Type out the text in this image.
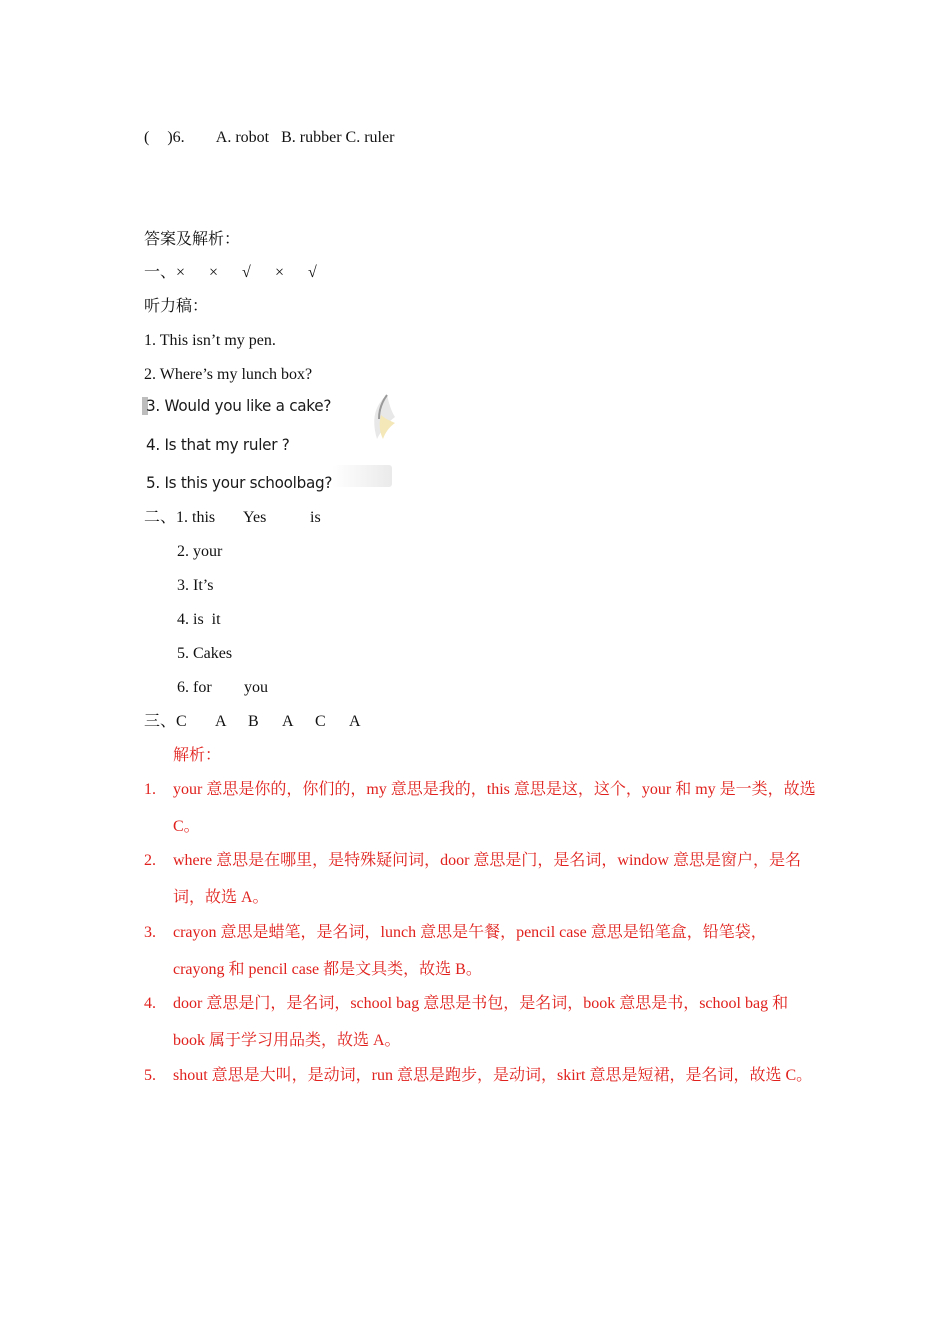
( )6. A. robot   B. rubber C. ruler
答案及解析：
一、× × √ × √
听力稿：
1. This isn’t my pen.
2. Where’s my lunch box?
3. Would you like a cake?
4. Is that my ruler ?
5. Is this your schoolbag?
二、1. this Yes	is
2. your
3. It’s
4. is  it
5. Cakes
6. for you
三、C A B A C A
解析：
1. your 意思是你的，你们的，my 意思是我的，this 意思是这，这个，your 和 my 是一类，故选
C。
2. where 意思是在哪里，是特殊疑问词，door 意思是门，是名词，window 意思是窗户，是名
词，故选 A。
3. crayon 意思是蜡笔，是名词，lunch 意思是午餐，pencil case 意思是铅笔盒，铅笔袋，
crayong 和 pencil case 都是文具类，故选 B。
4. door 意思是门，是名词，school bag 意思是书包，是名词，book 意思是书，school bag 和
book 属于学习用品类，故选 A。
5. shout 意思是大叫，是动词，run 意思是跑步，是动词，skirt 意思是短裙，是名词，故选 C。
